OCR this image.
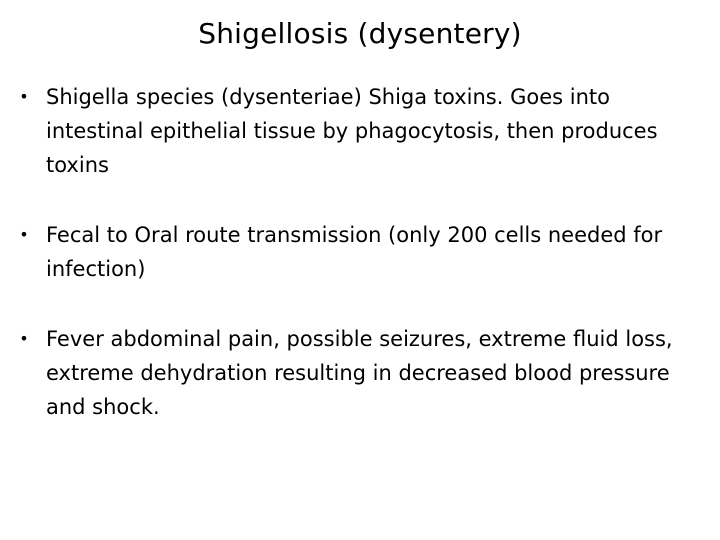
Shigellosis (dysentery)
• Shigella species (dysenteriae) Shiga toxins. Goes into intestinal epithelial tissue by phagocytosis, then produces toxins
• Fecal to Oral route transmission (only 200 cells needed for infection)
• Fever abdominal pain, possible seizures, extreme fluid loss, extreme dehydration resulting in decreased blood pressure and shock.
